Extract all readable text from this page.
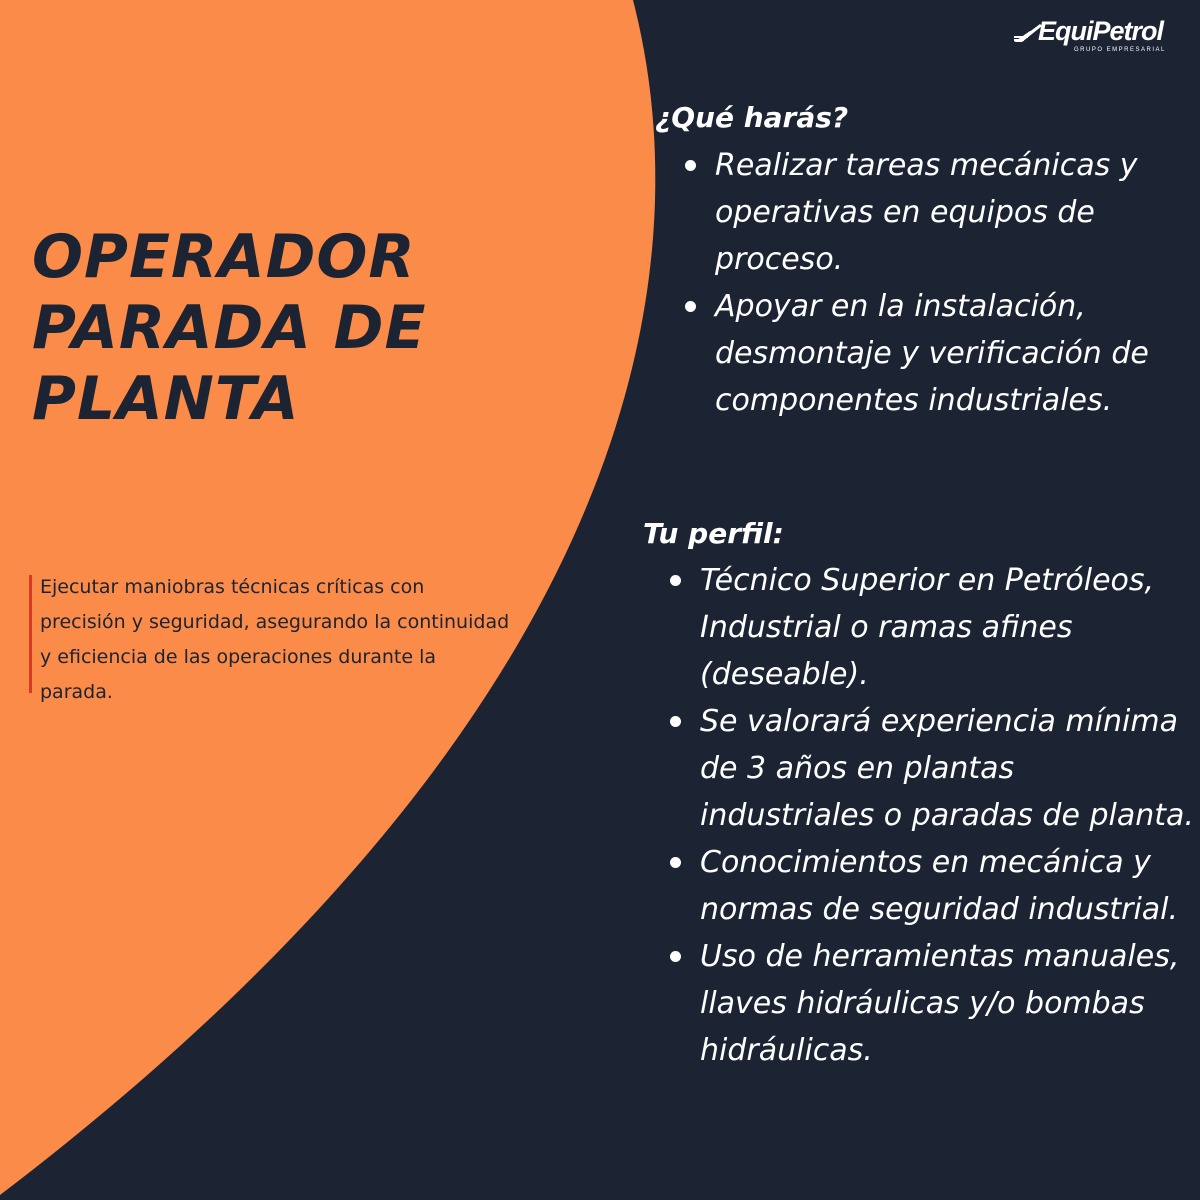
EquiPetrol
GRUPO EMPRESARIAL
OPERADOR
PARADA DE
PLANTA

Ejecutar maniobras técnicas críticas con precisión y seguridad, asegurando la continuidad y eficiencia de las operaciones durante la parada.

¿Qué harás?
Realizar tareas mecánicas y operativas en equipos de proceso.
Apoyar en la instalación, desmontaje y verificación de componentes industriales.
Tu perfil:
Técnico Superior en Petróleos, Industrial o ramas afines (deseable).
Se valorará experiencia mínima de 3 años en plantas industriales o paradas de planta.
Conocimientos en mecánica y normas de seguridad industrial.
Uso de herramientas manuales, llaves hidráulicas y/o bombas hidráulicas.
